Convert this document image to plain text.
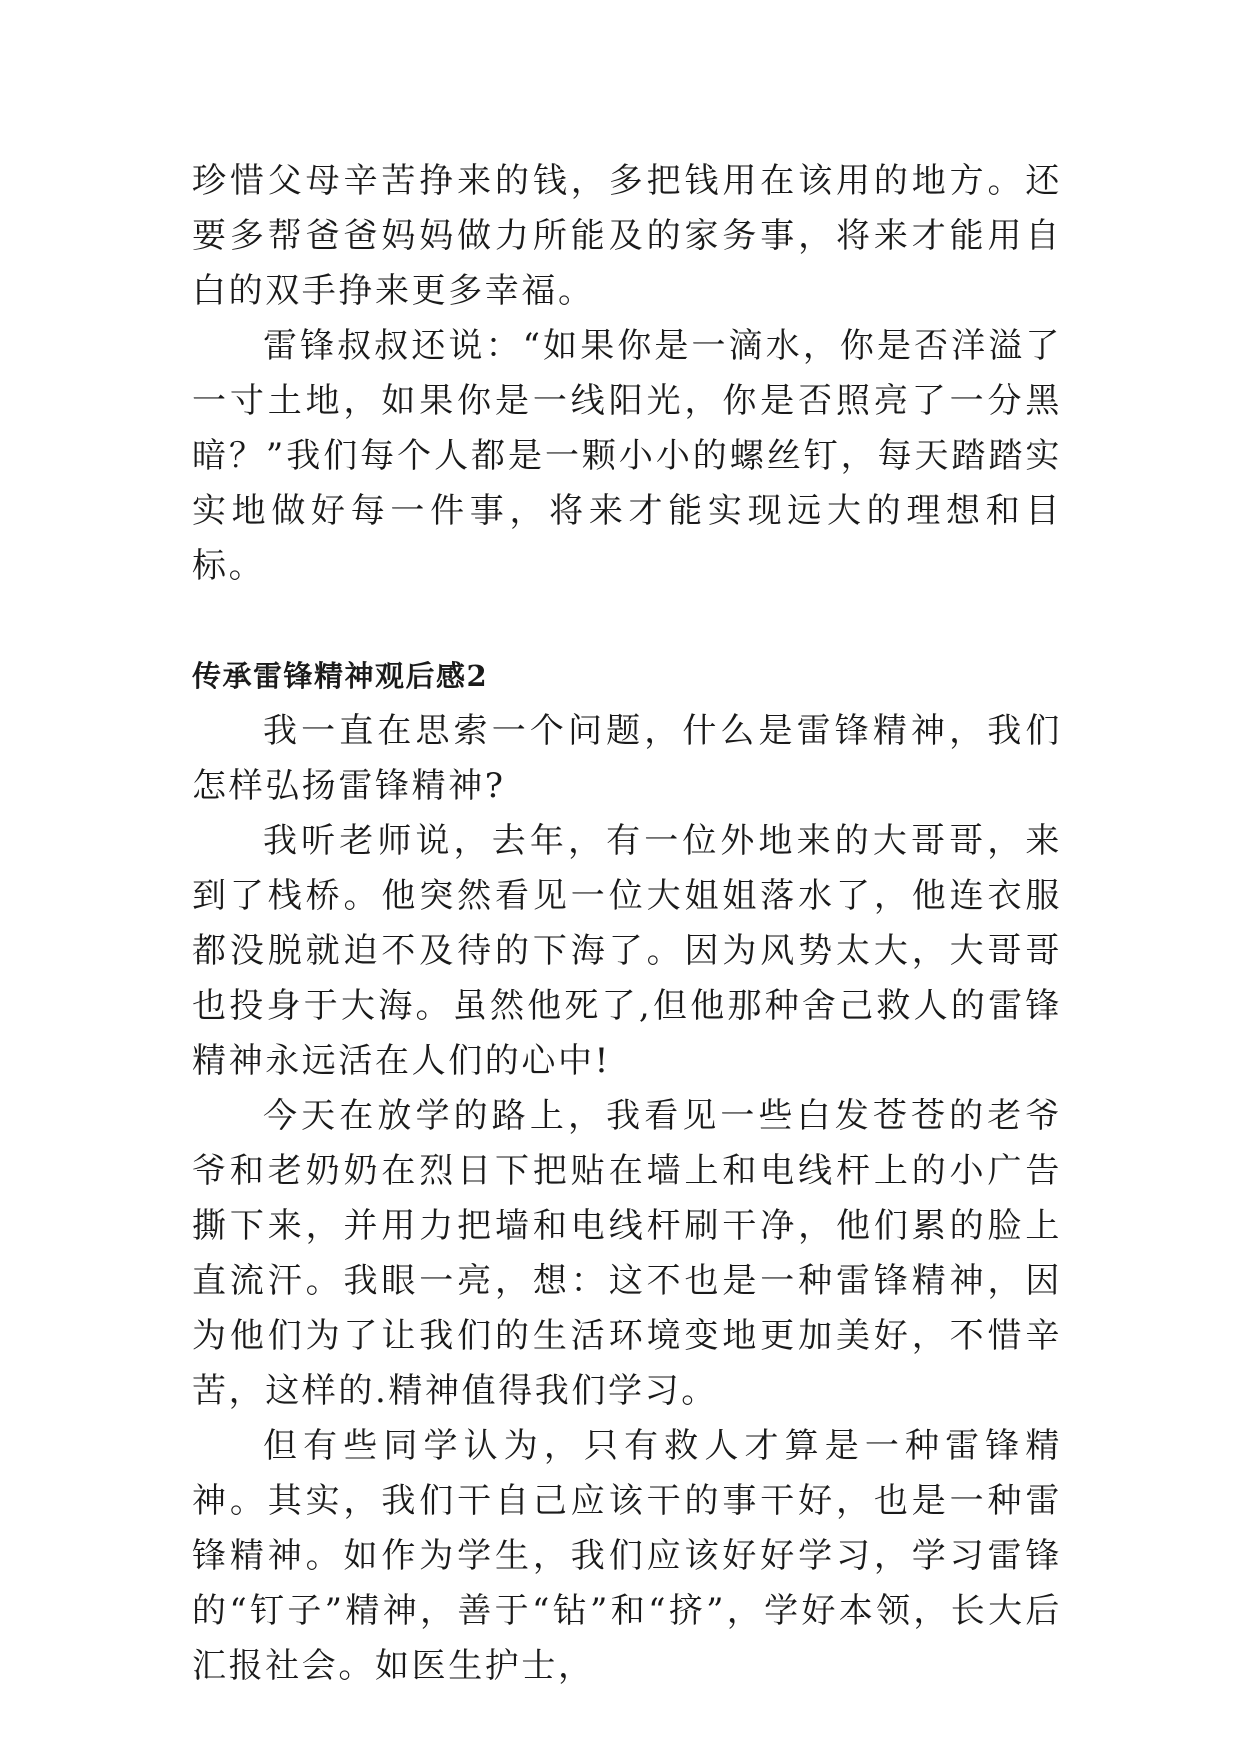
珍惜父母辛苦挣来的钱，多把钱用在该用的地方。还要多帮爸爸妈妈做力所能及的家务事，将来才能用自白的双手挣来更多幸福。

雷锋叔叔还说：“如果你是一滴水，你是否洋溢了一寸土地，如果你是一线阳光，你是否照亮了一分黑暗？”我们每个人都是一颗小小的螺丝钉，每天踏踏实实地做好每一件事，将来才能实现远大的理想和目标。

传承雷锋精神观后感2

我一直在思索一个问题，什么是雷锋精神，我们怎样弘扬雷锋精神?

我听老师说，去年，有一位外地来的大哥哥，来到了栈桥。他突然看见一位大姐姐落水了，他连衣服都没脱就迫不及待的下海了。因为风势太大，大哥哥也投身于大海。虽然他死了,但他那种舍己救人的雷锋精神永远活在人们的心中!

今天在放学的路上，我看见一些白发苍苍的老爷爷和老奶奶在烈日下把贴在墙上和电线杆上的小广告撕下来，并用力把墙和电线杆刷干净，他们累的脸上直流汗。我眼一亮，想：这不也是一种雷锋精神，因为他们为了让我们的生活环境变地更加美好，不惜辛苦，这样的.精神值得我们学习。

但有些同学认为，只有救人才算是一种雷锋精神。其实，我们干自己应该干的事干好，也是一种雷锋精神。如作为学生，我们应该好好学习，学习雷锋的“钉子”精神，善于“钻”和“挤”，学好本领，长大后汇报社会。如医生护士，
